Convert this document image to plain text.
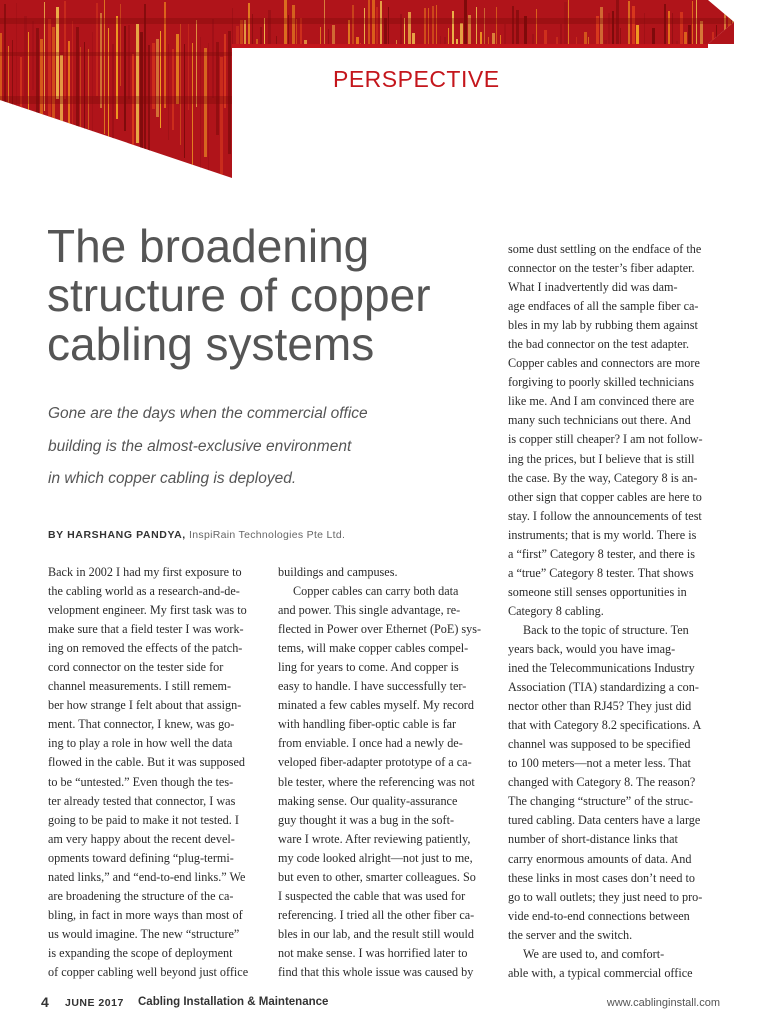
PERSPECTIVE
The broadening
structure of copper
cabling systems
Gone are the days when the commercial office
building is the almost-exclusive environment
in which copper cabling is deployed.
BY HARSHANG PANDYA, InspiRain Technologies Pte Ltd.
Back in 2002 I had my first exposure to
the cabling world as a research-and-de-
velopment engineer. My first task was to
make sure that a field tester I was work-
ing on removed the effects of the patch-
cord connector on the tester side for
channel measurements. I still remem-
ber how strange I felt about that assign-
ment. That connector, I knew, was go-
ing to play a role in how well the data
flowed in the cable. But it was supposed
to be “untested.” Even though the tes-
ter already tested that connector, I was
going to be paid to make it not tested. I
am very happy about the recent devel-
opments toward defining “plug-termi-
nated links,” and “end-to-end links.” We
are broadening the structure of the ca-
bling, in fact in more ways than most of
us would imagine. The new “structure”
is expanding the scope of deployment
of copper cabling well beyond just office
buildings and campuses.
Copper cables can carry both data
and power. This single advantage, re-
flected in Power over Ethernet (PoE) sys-
tems, will make copper cables compel-
ling for years to come. And copper is
easy to handle. I have successfully ter-
minated a few cables myself. My record
with handling fiber-optic cable is far
from enviable. I once had a newly de-
veloped fiber-adapter prototype of a ca-
ble tester, where the referencing was not
making sense. Our quality-assurance
guy thought it was a bug in the soft-
ware I wrote. After reviewing patiently,
my code looked alright—not just to me,
but even to other, smarter colleagues. So
I suspected the cable that was used for
referencing. I tried all the other fiber ca-
bles in our lab, and the result still would
not make sense. I was horrified later to
find that this whole issue was caused by
some dust settling on the endface of the
connector on the tester’s fiber adapter.
What I inadvertently did was dam-
age endfaces of all the sample fiber ca-
bles in my lab by rubbing them against
the bad connector on the test adapter.
Copper cables and connectors are more
forgiving to poorly skilled technicians
like me. And I am convinced there are
many such technicians out there. And
is copper still cheaper? I am not follow-
ing the prices, but I believe that is still
the case. By the way, Category 8 is an-
other sign that copper cables are here to
stay. I follow the announcements of test
instruments; that is my world. There is
a “first” Category 8 tester, and there is
a “true” Category 8 tester. That shows
someone still senses opportunities in
Category 8 cabling.
Back to the topic of structure. Ten
years back, would you have imag-
ined the Telecommunications Industry
Association (TIA) standardizing a con-
nector other than RJ45? They just did
that with Category 8.2 specifications. A
channel was supposed to be specified
to 100 meters—not a meter less. That
changed with Category 8. The reason?
The changing “structure” of the struc-
tured cabling. Data centers have a large
number of short-distance links that
carry enormous amounts of data. And
these links in most cases don’t need to
go to wall outlets; they just need to pro-
vide end-to-end connections between
the server and the switch.
We are used to, and comfort-
able with, a typical commercial office
4 JUNE 2017 Cabling Installation & Maintenance	www.cablinginstall.com
